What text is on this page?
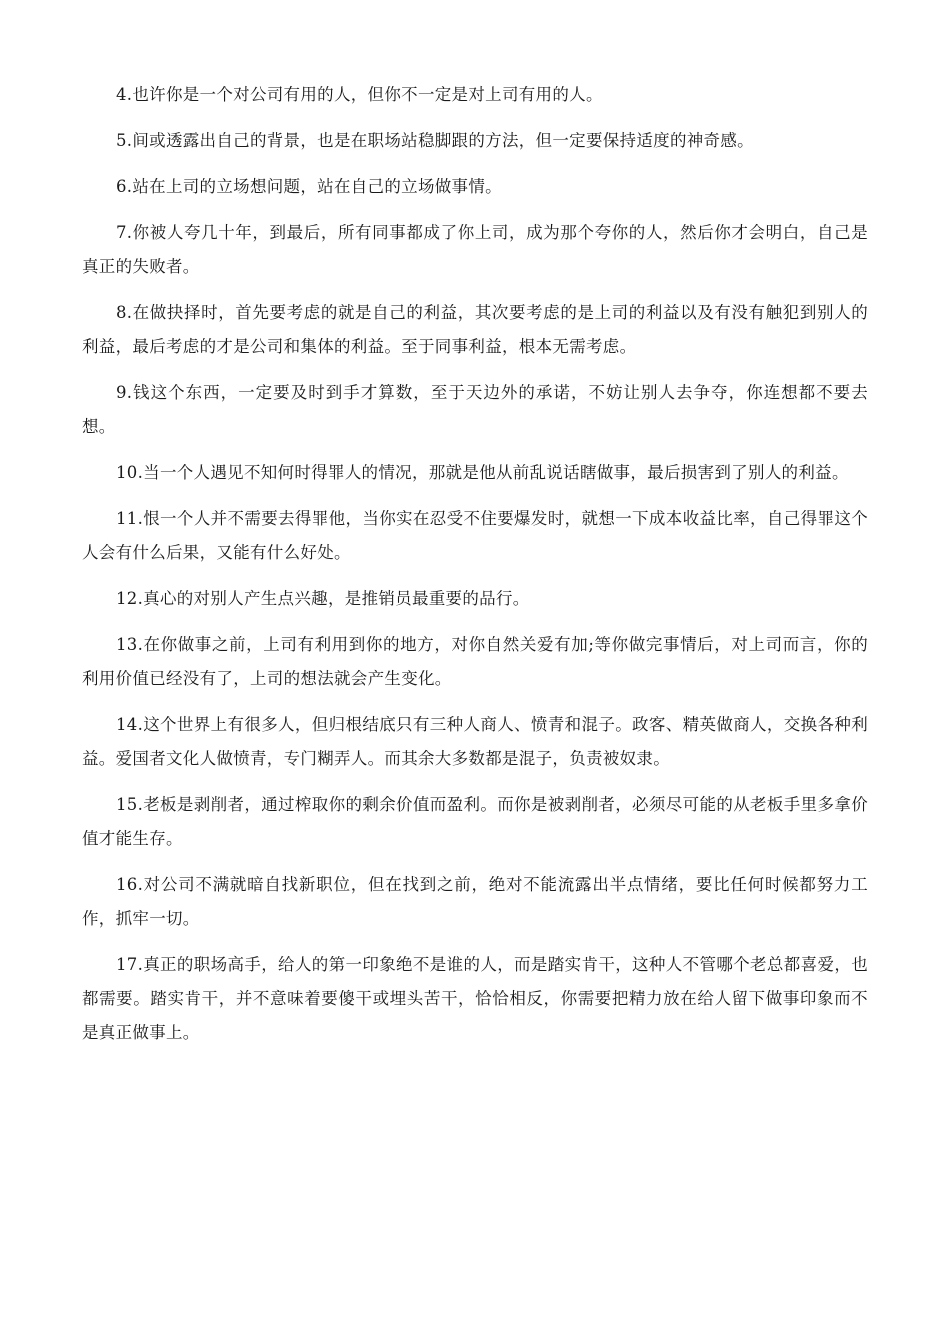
4.也许你是一个对公司有用的人，但你不一定是对上司有用的人。

5.间或透露出自己的背景，也是在职场站稳脚跟的方法，但一定要保持适度的神奇感。

6.站在上司的立场想问题，站在自己的立场做事情。

7.你被人夸几十年，到最后，所有同事都成了你上司，成为那个夸你的人，然后你才会明白，自己是真正的失败者。

8.在做抉择时，首先要考虑的就是自己的利益，其次要考虑的是上司的利益以及有没有触犯到别人的利益，最后考虑的才是公司和集体的利益。至于同事利益，根本无需考虑。

9.钱这个东西，一定要及时到手才算数，至于天边外的承诺，不妨让别人去争夺，你连想都不要去想。

10.当一个人遇见不知何时得罪人的情况，那就是他从前乱说话瞎做事，最后损害到了别人的利益。

11.恨一个人并不需要去得罪他，当你实在忍受不住要爆发时，就想一下成本收益比率，自己得罪这个人会有什么后果，又能有什么好处。

12.真心的对别人产生点兴趣，是推销员最重要的品行。

13.在你做事之前，上司有利用到你的地方，对你自然关爱有加;等你做完事情后，对上司而言，你的利用价值已经没有了，上司的想法就会产生变化。

14.这个世界上有很多人，但归根结底只有三种人商人、愤青和混子。政客、精英做商人，交换各种利益。爱国者文化人做愤青，专门糊弄人。而其余大多数都是混子，负责被奴隶。

15.老板是剥削者，通过榨取你的剩余价值而盈利。而你是被剥削者，必须尽可能的从老板手里多拿价值才能生存。

16.对公司不满就暗自找新职位，但在找到之前，绝对不能流露出半点情绪，要比任何时候都努力工作，抓牢一切。

17.真正的职场高手，给人的第一印象绝不是谁的人，而是踏实肯干，这种人不管哪个老总都喜爱，也都需要。踏实肯干，并不意味着要傻干或埋头苦干，恰恰相反，你需要把精力放在给人留下做事印象而不是真正做事上。
